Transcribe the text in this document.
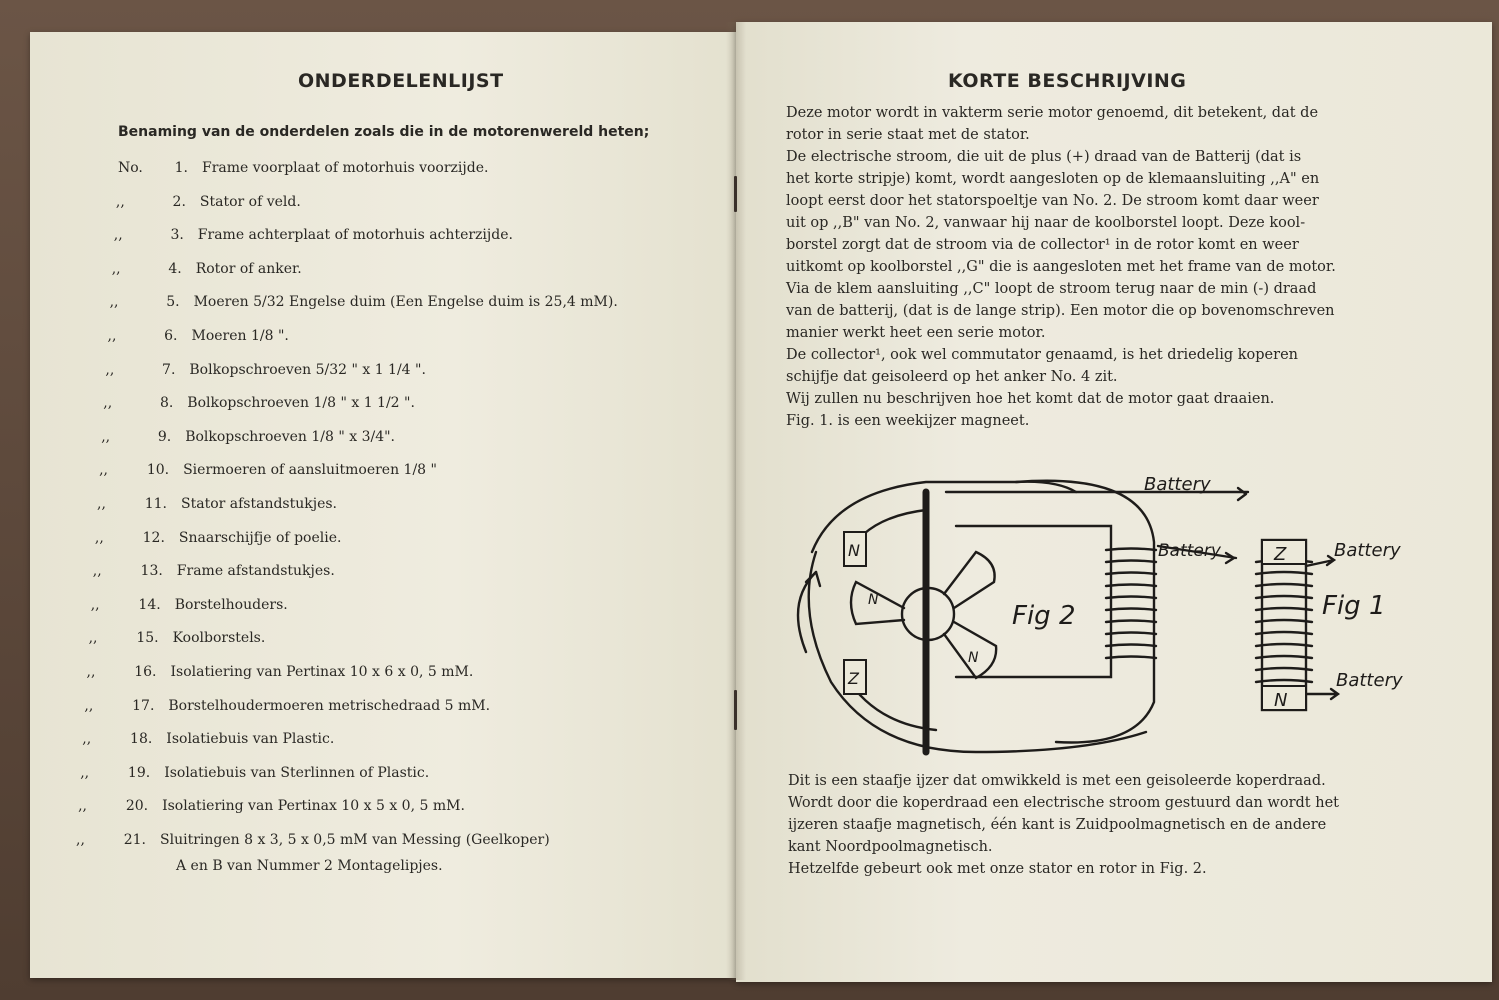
ONDERDELENLIJST
Benaming van de onderdelen zoals die in de motorenwereld heten;
No. 1. Frame voorplaat of motorhuis voorzijde.
,,	2. Stator of veld.
,,	3. Frame achterplaat of motorhuis achterzijde.
,,	4. Rotor of anker.
,,	5. Moeren 5/32 Engelse duim (Een Engelse duim is 25,4 mM).
,,	6. Moeren 1/8 ".
,,	7. Bolkopschroeven 5/32 " x 1 1/4 ".
,,	8. Bolkopschroeven 1/8 " x 1 1/2 ".
,,	9. Bolkopschroeven 1/8 " x 3/4".
,,	10. Siermoeren of aansluitmoeren 1/8 "
,,	11. Stator afstandstukjes.
,,	12. Snaarschijfje of poelie.
,,	13. Frame afstandstukjes.
,,	14. Borstelhouders.
,,	15. Koolborstels.
,,	16. Isolatiering van Pertinax 10 x 6 x 0, 5 mM.
,,	17. Borstelhoudermoeren metrischedraad 5 mM.
,,	18. Isolatiebuis van Plastic.
,,	19. Isolatiebuis van Sterlinnen of Plastic.
,,	20. Isolatiering van Pertinax 10 x 5 x 0, 5 mM.
,,	21. Sluitringen 8 x 3, 5 x 0,5 mM van Messing (Geelkoper)
A en B van Nummer 2 Montagelipjes.
KORTE BESCHRIJVING
Deze motor wordt in vakterm serie motor genoemd, dit betekent, dat de
rotor in serie staat met de stator.
De electrische stroom, die uit de plus (+) draad van de Batterij (dat is
het korte stripje) komt, wordt aangesloten op de klemaansluiting ,,A" en
loopt eerst door het statorspoeltje van No. 2. De stroom komt daar weer
uit op ,,B" van No. 2, vanwaar hij naar de koolborstel loopt. Deze kool-
borstel zorgt dat de stroom via de collector¹ in de rotor komt en weer
uitkomt op koolborstel ,,G" die is aangesloten met het frame van de motor.
Via de klem aansluiting ,,C" loopt de stroom terug naar de min (-) draad
van de batterij, (dat is de lange strip). Een motor die op bovenomschreven
manier werkt heet een serie motor.
De collector¹, ook wel commutator genaamd, is het driedelig koperen
schijfje dat geisoleerd op het anker No. 4 zit.
Wij zullen nu beschrijven hoe het komt dat de motor gaat draaien.
Fig. 1. is een weekijzer magneet.
Fig 2	Fig 1
Battery
Battery	Battery
Battery
N
Z
Z
N
N
N
Dit is een staafje ijzer dat omwikkeld is met een geisoleerde koperdraad.
Wordt door die koperdraad een electrische stroom gestuurd dan wordt het
ijzeren staafje magnetisch, één kant is Zuidpoolmagnetisch en de andere
kant Noordpoolmagnetisch.
Hetzelfde gebeurt ook met onze stator en rotor in Fig. 2.
